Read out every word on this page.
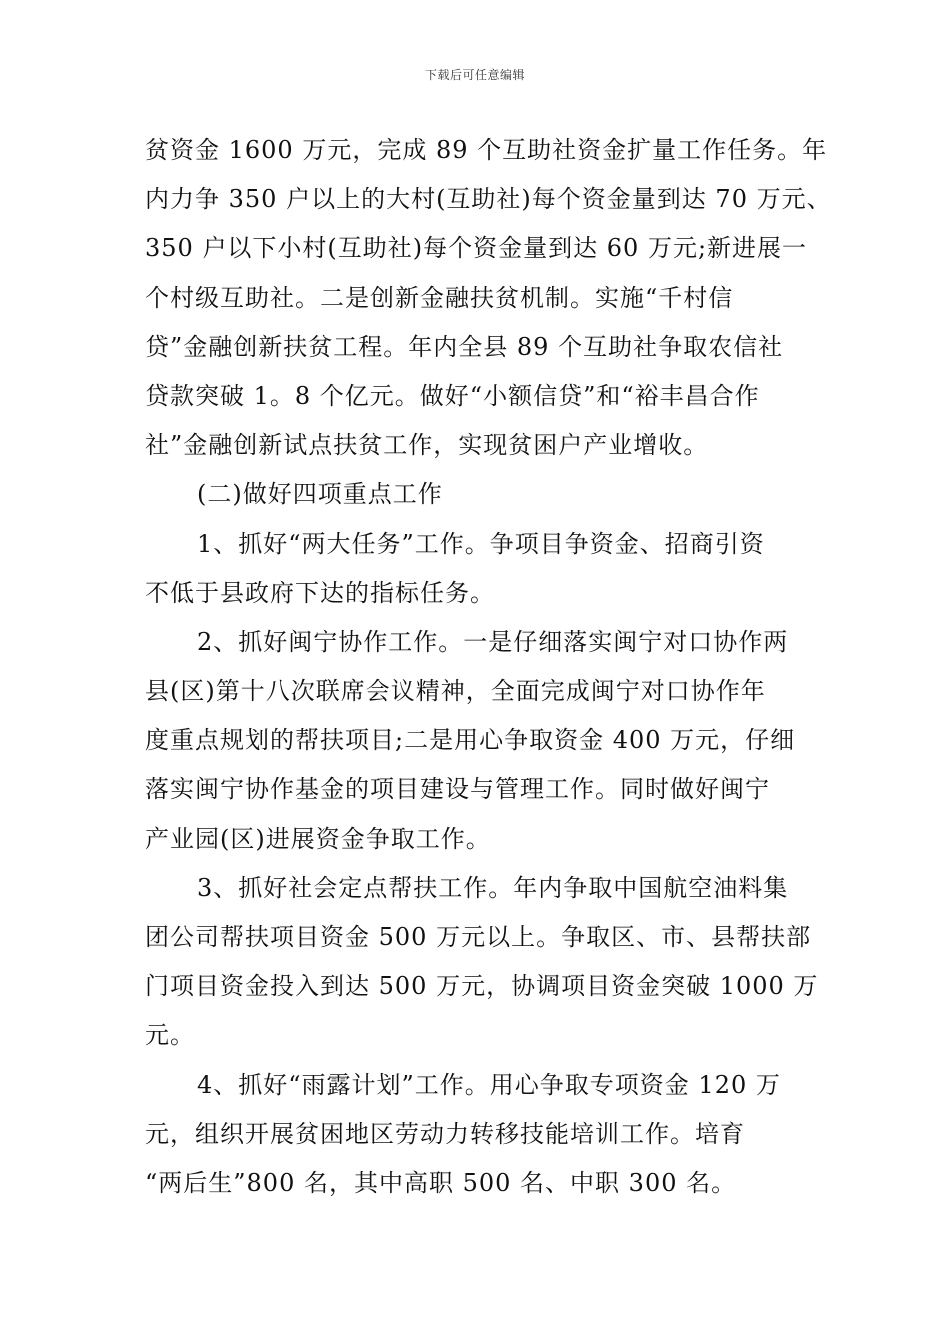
下载后可任意编辑
贫资金 1600 万元，完成 89 个互助社资金扩量工作任务。年
内力争 350 户以上的大村(互助社)每个资金量到达 70 万元、
350 户以下小村(互助社)每个资金量到达 60 万元;新进展一
个村级互助社。二是创新金融扶贫机制。实施“千村信
贷”金融创新扶贫工程。年内全县 89 个互助社争取农信社
贷款突破 1。8 个亿元。做好“小额信贷”和“裕丰昌合作
社”金融创新试点扶贫工作，实现贫困户产业增收。
(二)做好四项重点工作
1、抓好“两大任务”工作。争项目争资金、招商引资
不低于县政府下达的指标任务。
2、抓好闽宁协作工作。一是仔细落实闽宁对口协作两
县(区)第十八次联席会议精神，全面完成闽宁对口协作年
度重点规划的帮扶项目;二是用心争取资金 400 万元，仔细
落实闽宁协作基金的项目建设与管理工作。同时做好闽宁
产业园(区)进展资金争取工作。
3、抓好社会定点帮扶工作。年内争取中国航空油料集
团公司帮扶项目资金 500 万元以上。争取区、市、县帮扶部
门项目资金投入到达 500 万元，协调项目资金突破 1000 万
元。
4、抓好“雨露计划”工作。用心争取专项资金 120 万
元，组织开展贫困地区劳动力转移技能培训工作。培育
“两后生”800 名，其中高职 500 名、中职 300 名。
